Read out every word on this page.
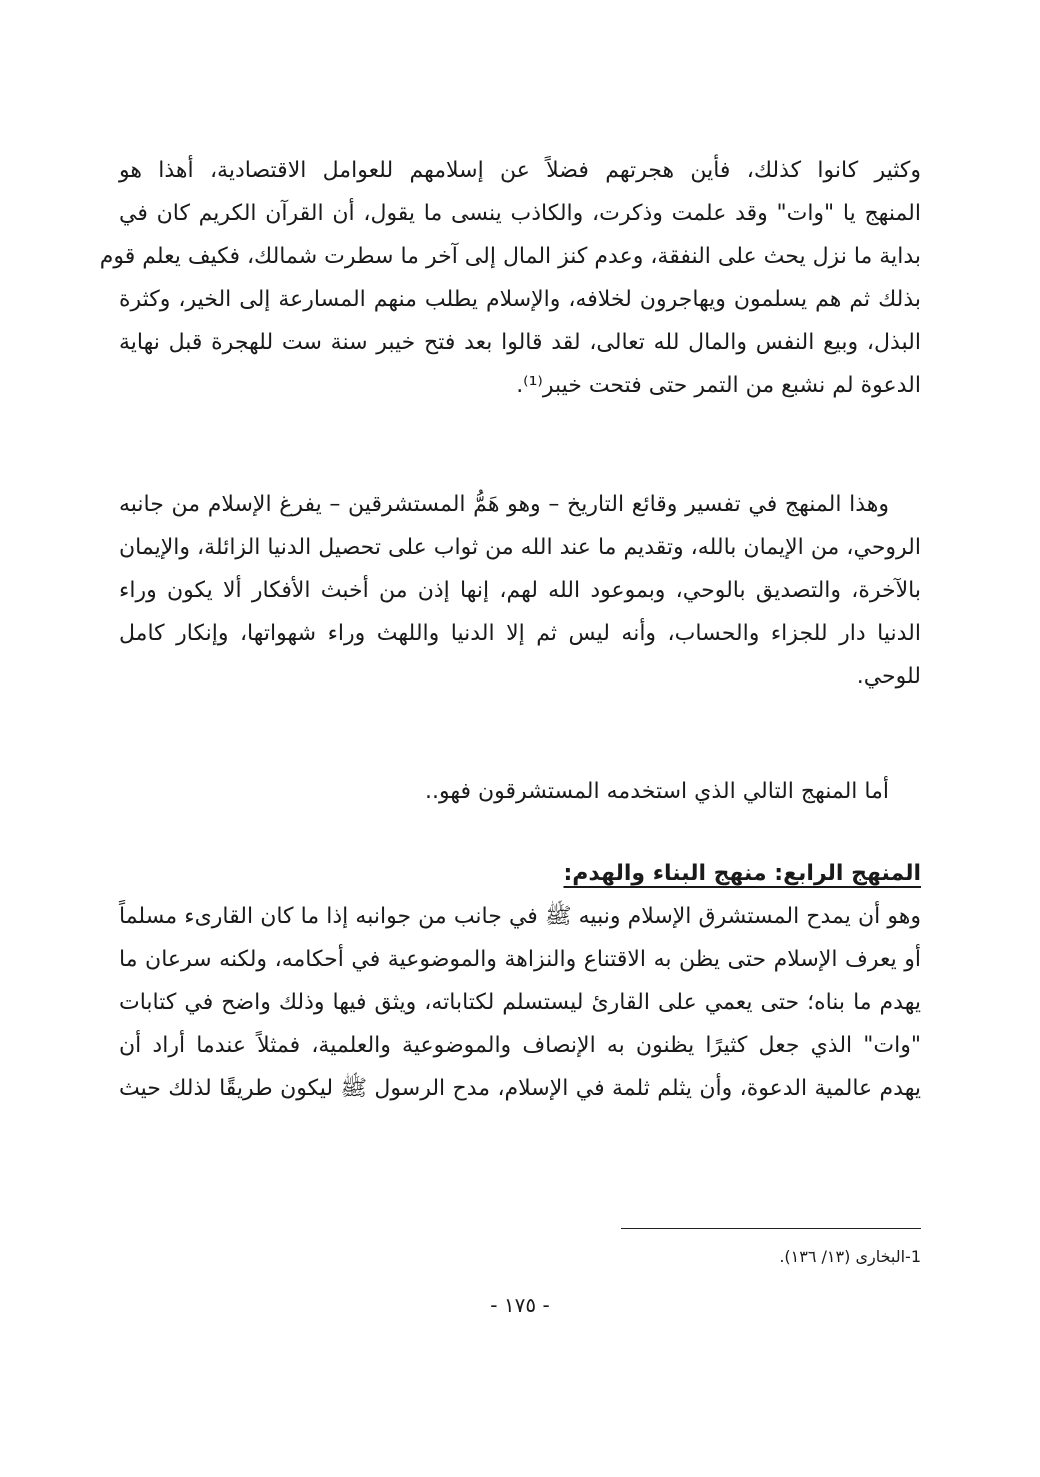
وكثير كانوا كذلك، فأين هجرتهم فضلاً عن إسلامهم للعوامل الاقتصادية، أهذا هو
المنهج يا "وات" وقد علمت وذكرت، والكاذب ينسى ما يقول، أن القرآن الكريم كان في
بداية ما نزل يحث على النفقة، وعدم كنز المال إلى آخر ما سطرت شمالك، فكيف يعلم قوم
بذلك ثم هم يسلمون ويهاجرون لخلافه، والإسلام يطلب منهم المسارعة إلى الخير، وكثرة
البذل، وبيع النفس والمال لله تعالى، لقد قالوا بعد فتح خيبر سنة ست للهجرة قبل نهاية
الدعوة لم نشبع من التمر حتى فتحت خيبر⁽¹⁾.
وهذا المنهج في تفسير وقائع التاريخ – وهو هَمُّ المستشرقين – يفرغ الإسلام من جانبه
الروحي، من الإيمان بالله، وتقديم ما عند الله من ثواب على تحصيل الدنيا الزائلة، والإيمان
بالآخرة، والتصديق بالوحي، وبموعود الله لهم، إنها إذن من أخبث الأفكار ألا يكون وراء
الدنيا دار للجزاء والحساب، وأنه ليس ثم إلا الدنيا واللهث وراء شهواتها، وإنكار كامل
للوحي.
أما المنهج التالي الذي استخدمه المستشرقون فهو..
المنهج الرابع: منهج البناء والهدم:
وهو أن يمدح المستشرق الإسلام ونبيه ﷺ في جانب من جوانبه إذا ما كان القارىء مسلماً
أو يعرف الإسلام حتى يظن به الاقتناع والنزاهة والموضوعية في أحكامه، ولكنه سرعان ما
يهدم ما بناه؛ حتى يعمي على القارئ ليستسلم لكتاباته، ويثق فيها وذلك واضح في كتابات
"وات" الذي جعل كثيرًا يظنون به الإنصاف والموضوعية والعلمية، فمثلاً عندما أراد أن
يهدم عالمية الدعوة، وأن يثلم ثلمة في الإسلام، مدح الرسول ﷺ ليكون طريقًا لذلك حيث
1-البخارى (١٣/ ١٣٦).
- ١٧٥ -
